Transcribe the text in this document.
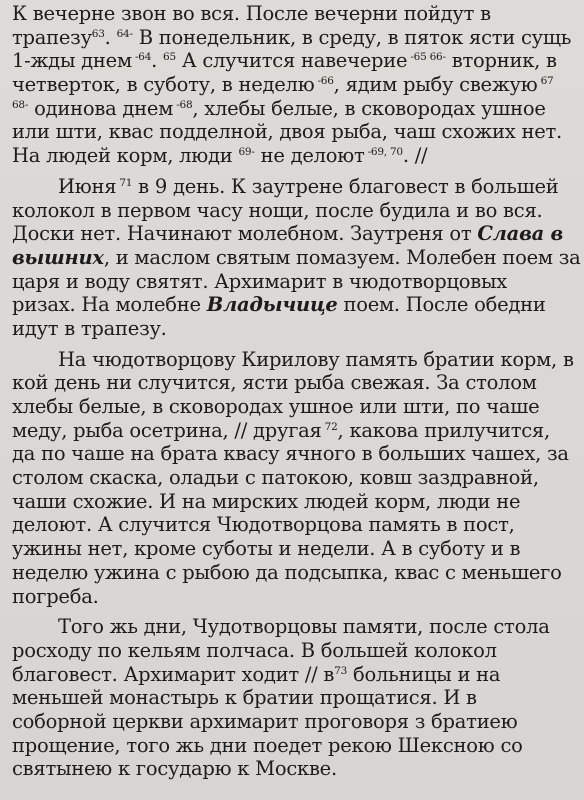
К вечерне звон во вся. После вечерни пойдут в
трапезу$^{63}$. $^{64-}$ В понедельник, в среду, в пяток ясти сущь
1-жды днем $^{-64}$. $^{65}$ А случится навечерие $^{-65 66-}$ вторник, в
четверток, в суботу, в неделю $^{-66}$, ядим рыбу свежую $^{67}$
$^{68-}$ одинова днем $^{-68}$, хлебы белые, в сковородах ушное
или шти, квас подделной, двоя рыба, чаш схожих нет.
На людей корм, люди $^{69-}$ не делоют $^{-69, 70}$. //
Июня $^{71}$ в 9 день. К заутрене благовест в большей
колокол в первом часу нощи, после будила и во вся.
Доски нет. Начинают молебном. Заутреня от Слава в
вышних, и маслом святым помазуем. Молебен поем за
царя и воду святят. Архимарит в чюдотворцовых
ризах. На молебне Владычице поем. После обедни
идут в трапезу.
На чюдотворцову Кирилову память братии корм, в
кой день ни случится, ясти рыба свежая. За столом
хлебы белые, в сковородах ушное или шти, по чаше
меду, рыба осетрина, // другая $^{72}$, какова прилучится,
да по чаше на брата квасу ячного в больших чашех, за
столом скаска, оладьи с патокою, ковш заздравной,
чаши схожие. И на мирских людей корм, люди не
делоют. А случится Чюдотворцова память в пост,
ужины нет, кроме суботы и недели. А в суботу и в
неделю ужина с рыбою да подсыпка, квас с меньшего
погреба.
Того жь дни, Чудотворцовы памяти, после стола
росходу по кельям полчаса. В большей колокол
благовест. Архимарит ходит // $в^{73}$ больницы и на
меньшей монастырь к братии прощатися. И в
соборной церкви архимарит проговоря з братиею
прощение, того жь дни поедет рекою Шекснoю со
святынею к государю к Москве.
